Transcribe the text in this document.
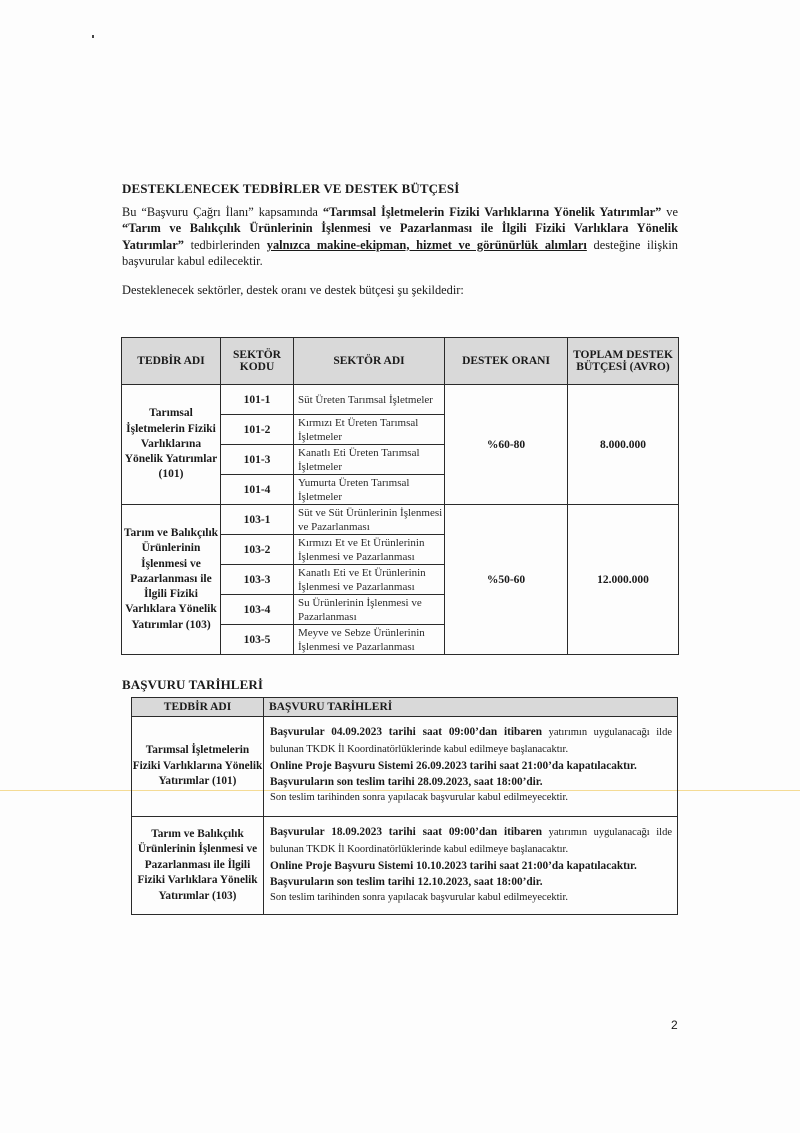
DESTEKLENECEK TEDBİRLER VE DESTEK BÜTÇESİ
Bu “Başvuru Çağrı İlanı” kapsamında “Tarımsal İşletmelerin Fiziki Varlıklarına Yönelik Yatırımlar” ve “Tarım ve Balıkçılık Ürünlerinin İşlenmesi ve Pazarlanması ile İlgili Fiziki Varlıklara Yönelik Yatırımlar” tedbirlerinden yalnızca makine-ekipman, hizmet ve görünürlük alımları desteğine ilişkin başvurular kabul edilecektir.
Desteklenecek sektörler, destek oranı ve destek bütçesi şu şekildedir:
TEDBİR ADI	SEKTÖR KODU	SEKTÖR ADI	DESTEK ORANI	TOPLAM DESTEK BÜTÇESİ (AVRO)
Tarımsal İşletmelerin Fiziki Varlıklarına Yönelik Yatırımlar (101)	101-1	Süt Üreten Tarımsal İşletmeler	%60-80	8.000.000
	101-2	Kırmızı Et Üreten Tarımsal İşletmeler		
	101-3	Kanatlı Eti Üreten Tarımsal İşletmeler		
	101-4	Yumurta Üreten Tarımsal İşletmeler		
Tarım ve Balıkçılık Ürünlerinin İşlenmesi ve Pazarlanması ile İlgili Fiziki Varlıklara Yönelik Yatırımlar (103)	103-1	Süt ve Süt Ürünlerinin İşlenmesi ve Pazarlanması	%50-60	12.000.000
	103-2	Kırmızı Et ve Et Ürünlerinin İşlenmesi ve Pazarlanması		
	103-3	Kanatlı Eti ve Et Ürünlerinin İşlenmesi ve Pazarlanması		
	103-4	Su Ürünlerinin İşlenmesi ve Pazarlanması		
	103-5	Meyve ve Sebze Ürünlerinin İşlenmesi ve Pazarlanması		
BAŞVURU TARİHLERİ
TEDBİR ADI	BAŞVURU TARİHLERİ
Tarımsal İşletmelerin Fiziki Varlıklarına Yönelik Yatırımlar (101)	Başvurular 04.09.2023 tarihi saat 09:00’dan itibaren yatırımın uygulanacağı ilde bulunan TKDK İl Koordinatörlüklerinde kabul edilmeye başlanacaktır.
Online Proje Başvuru Sistemi 26.09.2023 tarihi saat 21:00’da kapatılacaktır.
Başvuruların son teslim tarihi 28.09.2023, saat 18:00’dir.
Son teslim tarihinden sonra yapılacak başvurular kabul edilmeyecektir.

Tarım ve Balıkçılık Ürünlerinin İşlenmesi ve Pazarlanması ile İlgili Fiziki Varlıklara Yönelik Yatırımlar (103)	Başvurular 18.09.2023 tarihi saat 09:00’dan itibaren yatırımın uygulanacağı ilde bulunan TKDK İl Koordinatörlüklerinde kabul edilmeye başlanacaktır.
Online Proje Başvuru Sistemi 10.10.2023 tarihi saat 21:00’da kapatılacaktır.
Başvuruların son teslim tarihi 12.10.2023, saat 18:00’dir.
Son teslim tarihinden sonra yapılacak başvurular kabul edilmeyecektir.
2
